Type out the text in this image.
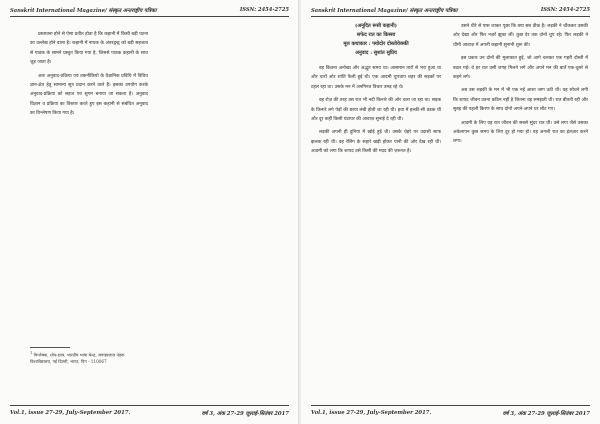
Sanskrit International Magazine/ संस्कृत अन्तराष्ट्रीय पत्रिका	ISSN: 2454-2725

प्रस्तावना होने से ऐसा प्रतीत होता है कि कहानी में किसी बड़ी घटना का उल्लेख होने वाला है। कहानी में नायक के अंतरद्वन्द्व को बड़ी सहजता से पाठक के सामने प्रस्तुत किया गया है, जिससे पाठक कहानी के साथ जुड़ जाता है।

अतः अनुवाद-प्रक्रिया एवं तकनीकियों के वैज्ञानिक प्रविधि में विविध ज्ञान-क्षेत्र हेतु सामान्य सूत्र प्रदान करने वाले हैं। इसका उपयोग करके अनुवाद-प्रक्रिया को सहज एवं सुगम बनाया जा सकता है। अनुवाद विज्ञान व प्रक्रिया का विस्तार करते हुए इस कहानी से संबंधित अनुवाद का विश्लेषण किया गया है।

1 विश्लेषक, शोध-छात्र, भारतीय भाषा केन्द्र, जवाहरलाल नेहरू विश्वविद्यालय, नई दिल्ली, भारत, पिन - 110067
Vol.1, issue 27-29, July-September 2017.	वर्ष 3, अंक 27-29 जुलाई-सितंबर 2017
Sanskrit International Magazine/ संस्कृत अन्तराष्ट्रीय पत्रिका	ISSN: 2454-2725
(अनूदित रूसी कहानी)
सफेद रात का किस्सा
मूल कथाकार : फ्योदोर दोस्तोयेव्स्की
अनुवाद : सुशांत सुप्रिय

वह कितना अनोखा और अद्भुत समय था। आसमान तारों से भरा हुआ था और चारों ओर शांति फैली हुई थी। एक आदमी चुपचाप शहर की सड़कों पर टहल रहा था। उसके मन में अनगिनत विचार उमड़ रहे थे।

वह रोज़ की तरह उस रात भी नदी किनारे की ओर चला जा रहा था। सड़क के किनारे लगे पेड़ों की छाया लंबी होती जा रही थी। हवा में हल्की-सी ठंडक थी और दूर कहीं किसी घंटाघर की आवाज़ सुनाई दे रही थी।

लड़की अपनी ही दुनिया में खोई हुई थी। उसके चेहरे पर उदासी साफ झलक रही थी। वह रेलिंग के सहारे खड़ी होकर पानी की ओर देख रही थी। आदमी को लगा कि शायद उसे किसी की मदद की ज़रूरत है।

उसने धीरे से पास जाकर पूछा कि क्या सब ठीक है। लड़की ने चौंककर उसकी ओर देखा और फिर नज़रें झुका लीं। कुछ देर तक दोनों चुप रहे। फिर लड़की ने धीमी आवाज़ में अपनी कहानी सुनानी शुरू की।

इस प्रकार उन दोनों की मुलाकात हुई, जो आगे चलकर एक गहरी दोस्ती में बदल गई। वे हर रात उसी जगह मिलने लगे और अपने मन की बातें एक-दूसरे से कहने लगे।

अब उस लड़की के मन में भी एक नई आशा जाग उठी थी। वह सोचने लगी कि शायद जीवन उतना कठिन नहीं है जितना वह समझती थी। रात बीतती रही और सुबह की पहली किरण के साथ दोनों अपने-अपने घर लौट गए।

आदमी के लिए वह रात जीवन की सबसे सुंदर रात थी। उसे लगा जैसे उसका अकेलापन कुछ समय के लिए दूर हो गया हो। वह अगली रात का इंतज़ार करने लगा।

Vol.1, issue 27-29, July-September 2017.	वर्ष 3, अंक 27-29 जुलाई-सितंबर 2017
